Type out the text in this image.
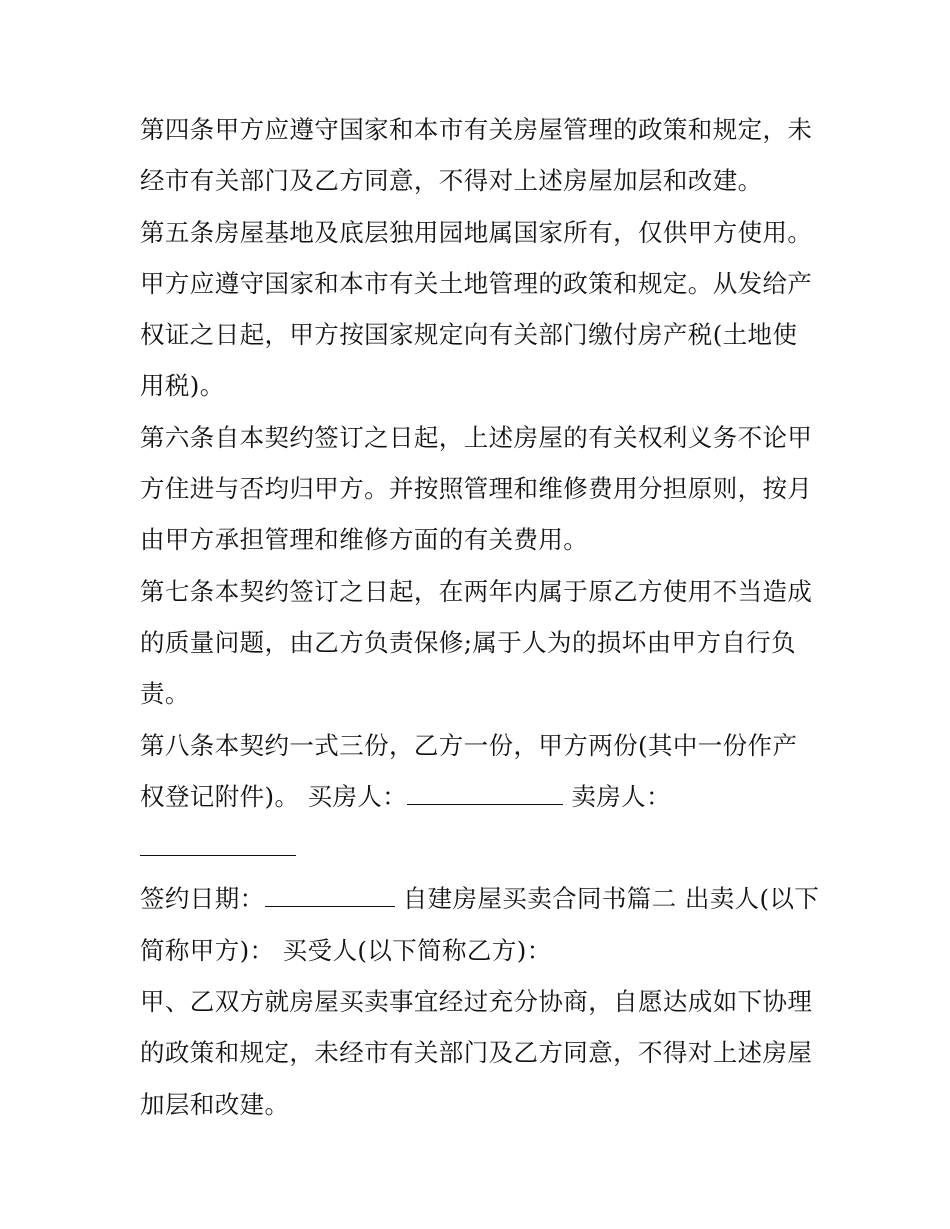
第四条甲方应遵守国家和本市有关房屋管理的政策和规定，未经市有关部门及乙方同意，不得对上述房屋加层和改建。

第五条房屋基地及底层独用园地属国家所有，仅供甲方使用。甲方应遵守国家和本市有关土地管理的政策和规定。从发给产权证之日起，甲方按国家规定向有关部门缴付房产税(土地使用税)。

第六条自本契约签订之日起，上述房屋的有关权利义务不论甲方住进与否均归甲方。并按照管理和维修费用分担原则，按月由甲方承担管理和维修方面的有关费用。

第七条本契约签订之日起，在两年内属于原乙方使用不当造成的质量问题，由乙方负责保修;属于人为的损坏由甲方自行负责。

第八条本契约一式三份，乙方一份，甲方两份(其中一份作产权登记附件)。 买房人：	卖房人：

签约日期：	自建房屋买卖合同书篇二 出卖人(以下简称甲方)： 买受人(以下简称乙方)：

甲、乙双方就房屋买卖事宜经过充分协商，自愿达成如下协理的政策和规定，未经市有关部门及乙方同意，不得对上述房屋加层和改建。
